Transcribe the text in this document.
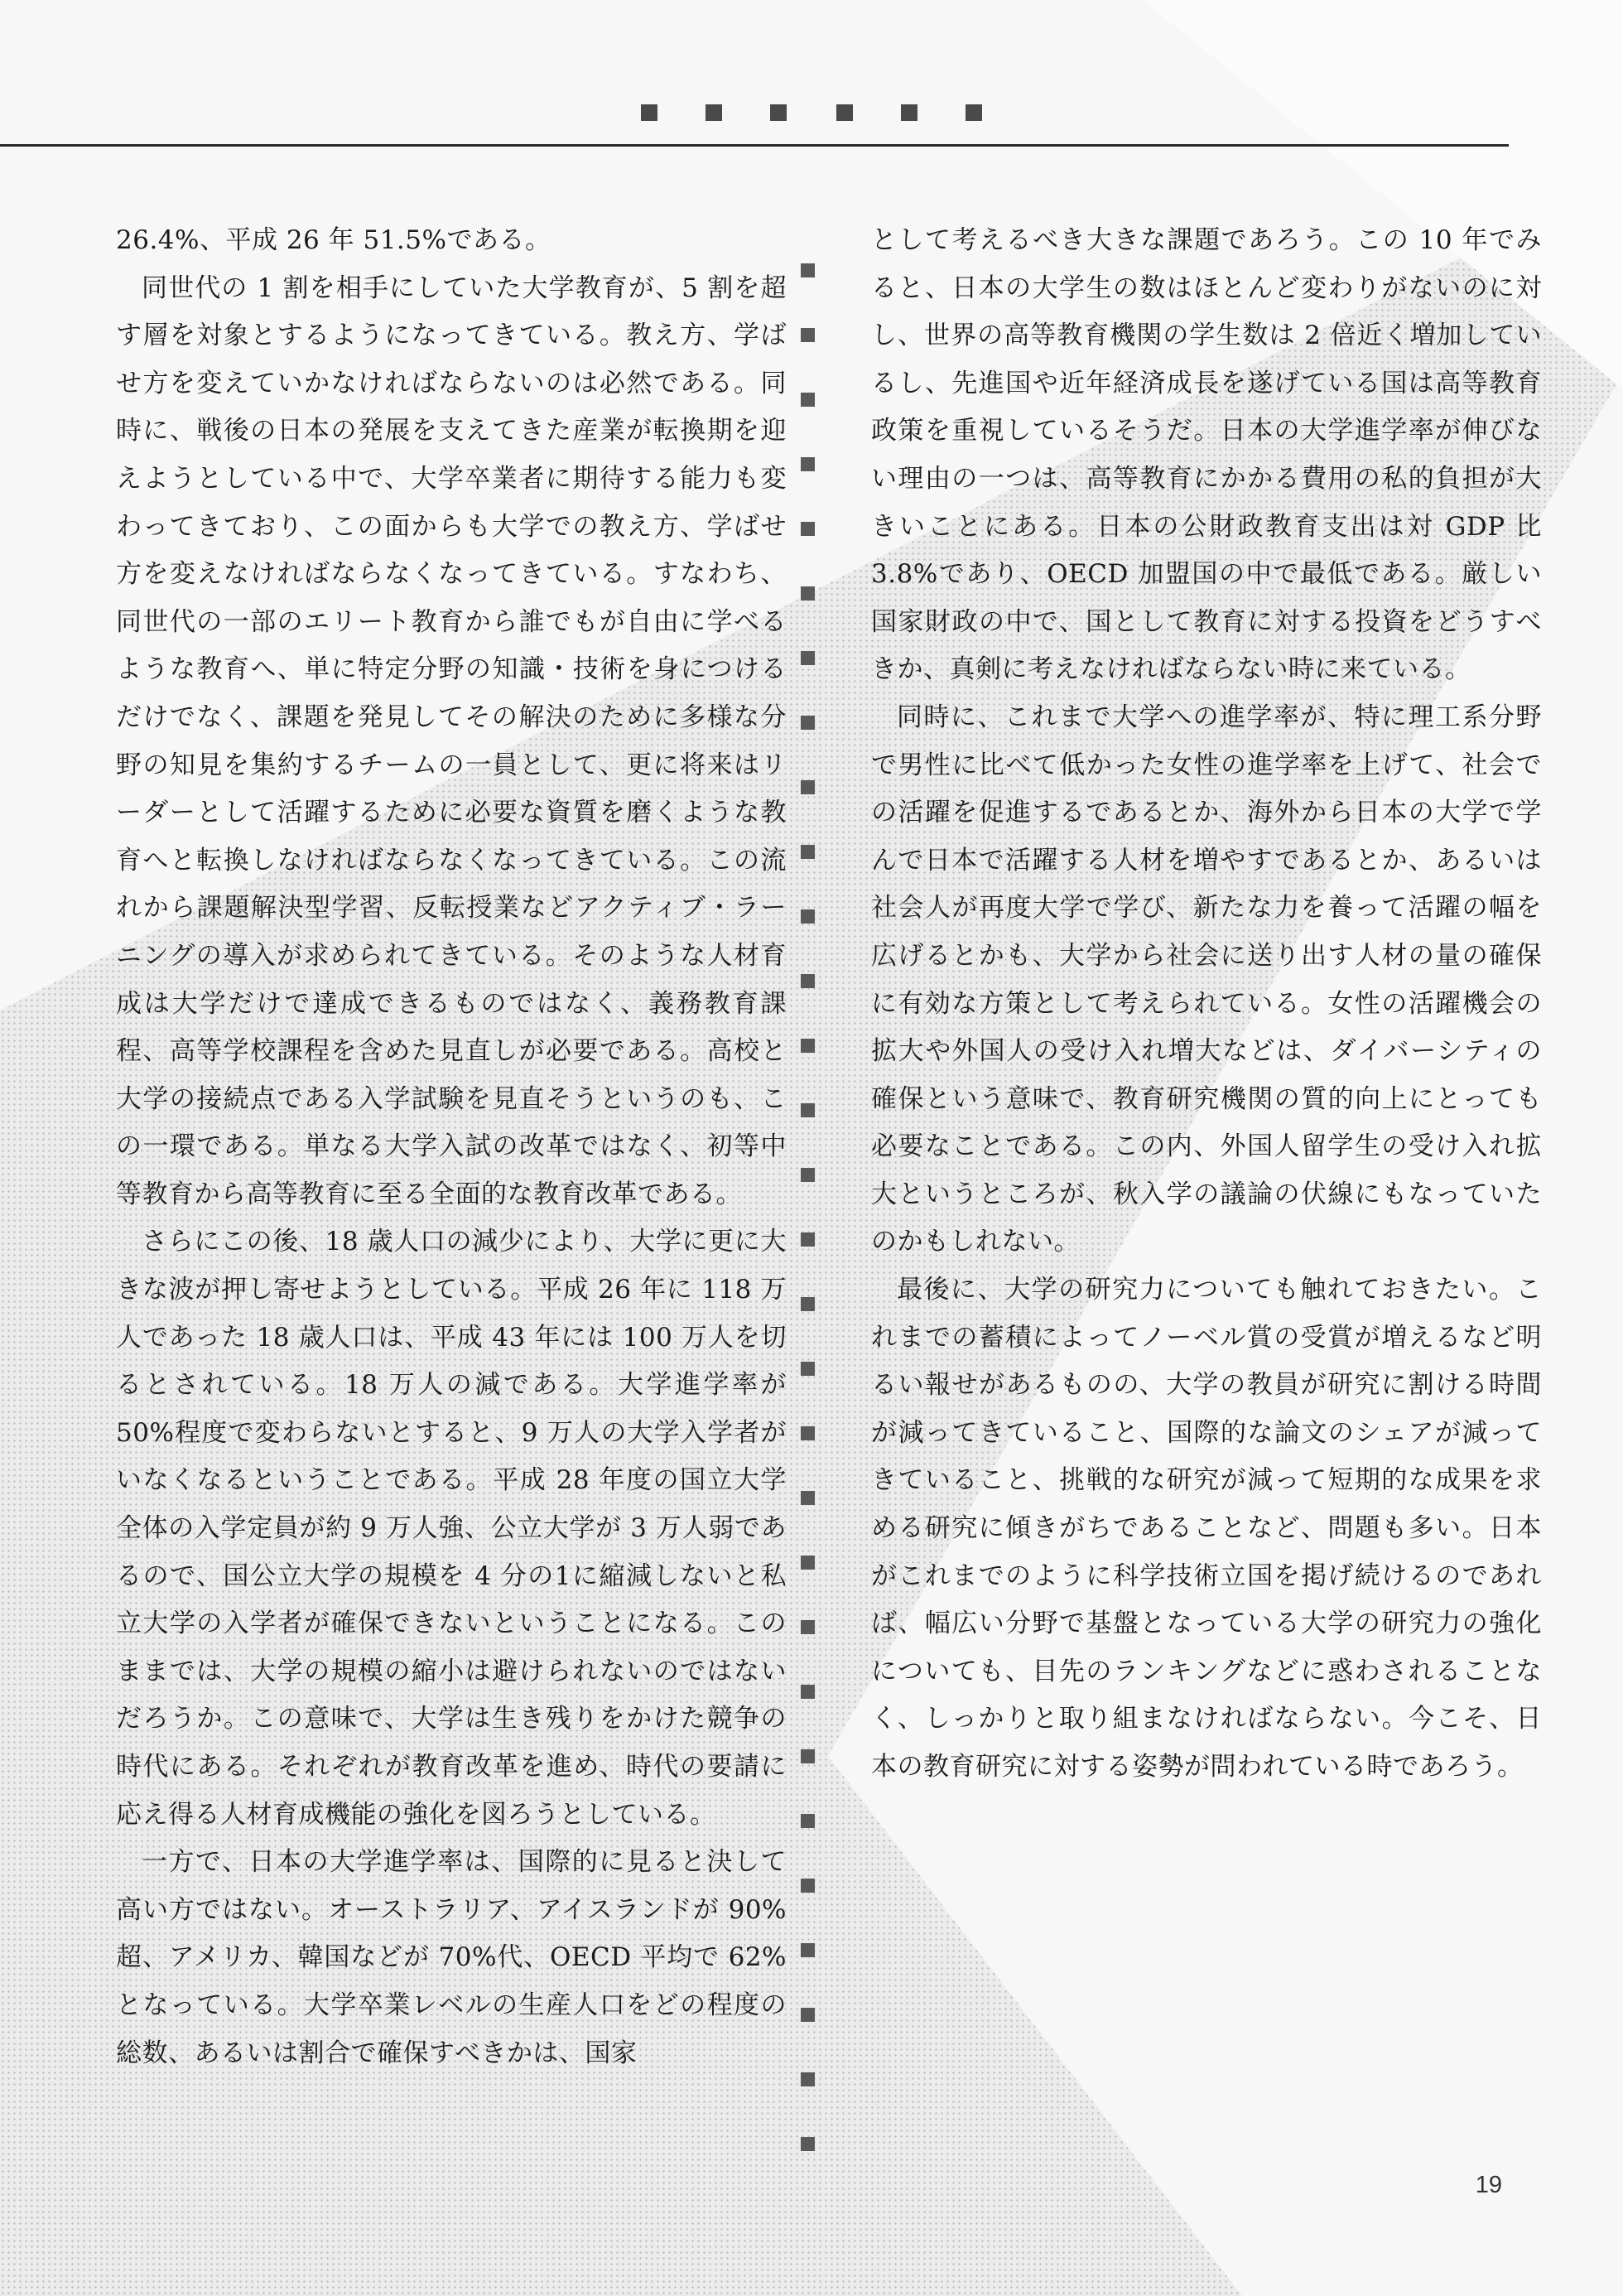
26.4%、平成 26 年 51.5%である。

同世代の 1 割を相手にしていた大学教育が、5 割を超す層を対象とするようになってきている。教え方、学ばせ方を変えていかなければならないのは必然である。同時に、戦後の日本の発展を支えてきた産業が転換期を迎えようとしている中で、大学卒業者に期待する能力も変わってきており、この面からも大学での教え方、学ばせ方を変えなければならなくなってきている。すなわち、同世代の一部のエリート教育から誰でもが自由に学べるような教育へ、単に特定分野の知識・技術を身につけるだけでなく、課題を発見してその解決のために多様な分野の知見を集約するチームの一員として、更に将来はリーダーとして活躍するために必要な資質を磨くような教育へと転換しなければならなくなってきている。この流れから課題解決型学習、反転授業などアクティブ・ラーニングの導入が求められてきている。そのような人材育成は大学だけで達成できるものではなく、義務教育課程、高等学校課程を含めた見直しが必要である。高校と大学の接続点である入学試験を見直そうというのも、この一環である。単なる大学入試の改革ではなく、初等中等教育から高等教育に至る全面的な教育改革である。

さらにこの後、18 歳人口の減少により、大学に更に大きな波が押し寄せようとしている。平成 26 年に 118 万人であった 18 歳人口は、平成 43 年には 100 万人を切るとされている。18 万人の減である。大学進学率が 50%程度で変わらないとすると、9 万人の大学入学者がいなくなるということである。平成 28 年度の国立大学全体の入学定員が約 9 万人強、公立大学が 3 万人弱であるので、国公立大学の規模を 4 分の1に縮減しないと私立大学の入学者が確保できないということになる。このままでは、大学の規模の縮小は避けられないのではないだろうか。この意味で、大学は生き残りをかけた競争の時代にある。それぞれが教育改革を進め、時代の要請に応え得る人材育成機能の強化を図ろうとしている。

一方で、日本の大学進学率は、国際的に見ると決して高い方ではない。オーストラリア、アイスランドが 90%超、アメリカ、韓国などが 70%代、OECD 平均で 62%となっている。大学卒業レベルの生産人口をどの程度の総数、あるいは割合で確保すべきかは、国家

として考えるべき大きな課題であろう。この 10 年でみると、日本の大学生の数はほとんど変わりがないのに対し、世界の高等教育機関の学生数は 2 倍近く増加しているし、先進国や近年経済成長を遂げている国は高等教育政策を重視しているそうだ。日本の大学進学率が伸びない理由の一つは、高等教育にかかる費用の私的負担が大きいことにある。日本の公財政教育支出は対 GDP 比 3.8%であり、OECD 加盟国の中で最低である。厳しい国家財政の中で、国として教育に対する投資をどうすべきか、真剣に考えなければならない時に来ている。

同時に、これまで大学への進学率が、特に理工系分野で男性に比べて低かった女性の進学率を上げて、社会での活躍を促進するであるとか、海外から日本の大学で学んで日本で活躍する人材を増やすであるとか、あるいは社会人が再度大学で学び、新たな力を養って活躍の幅を広げるとかも、大学から社会に送り出す人材の量の確保に有効な方策として考えられている。女性の活躍機会の拡大や外国人の受け入れ増大などは、ダイバーシティの確保という意味で、教育研究機関の質的向上にとっても必要なことである。この内、外国人留学生の受け入れ拡大というところが、秋入学の議論の伏線にもなっていたのかもしれない。

最後に、大学の研究力についても触れておきたい。これまでの蓄積によってノーベル賞の受賞が増えるなど明るい報せがあるものの、大学の教員が研究に割ける時間が減ってきていること、国際的な論文のシェアが減ってきていること、挑戦的な研究が減って短期的な成果を求める研究に傾きがちであることなど、問題も多い。日本がこれまでのように科学技術立国を掲げ続けるのであれば、幅広い分野で基盤となっている大学の研究力の強化についても、目先のランキングなどに惑わされることなく、しっかりと取り組まなければならない。今こそ、日本の教育研究に対する姿勢が問われている時であろう。

19
